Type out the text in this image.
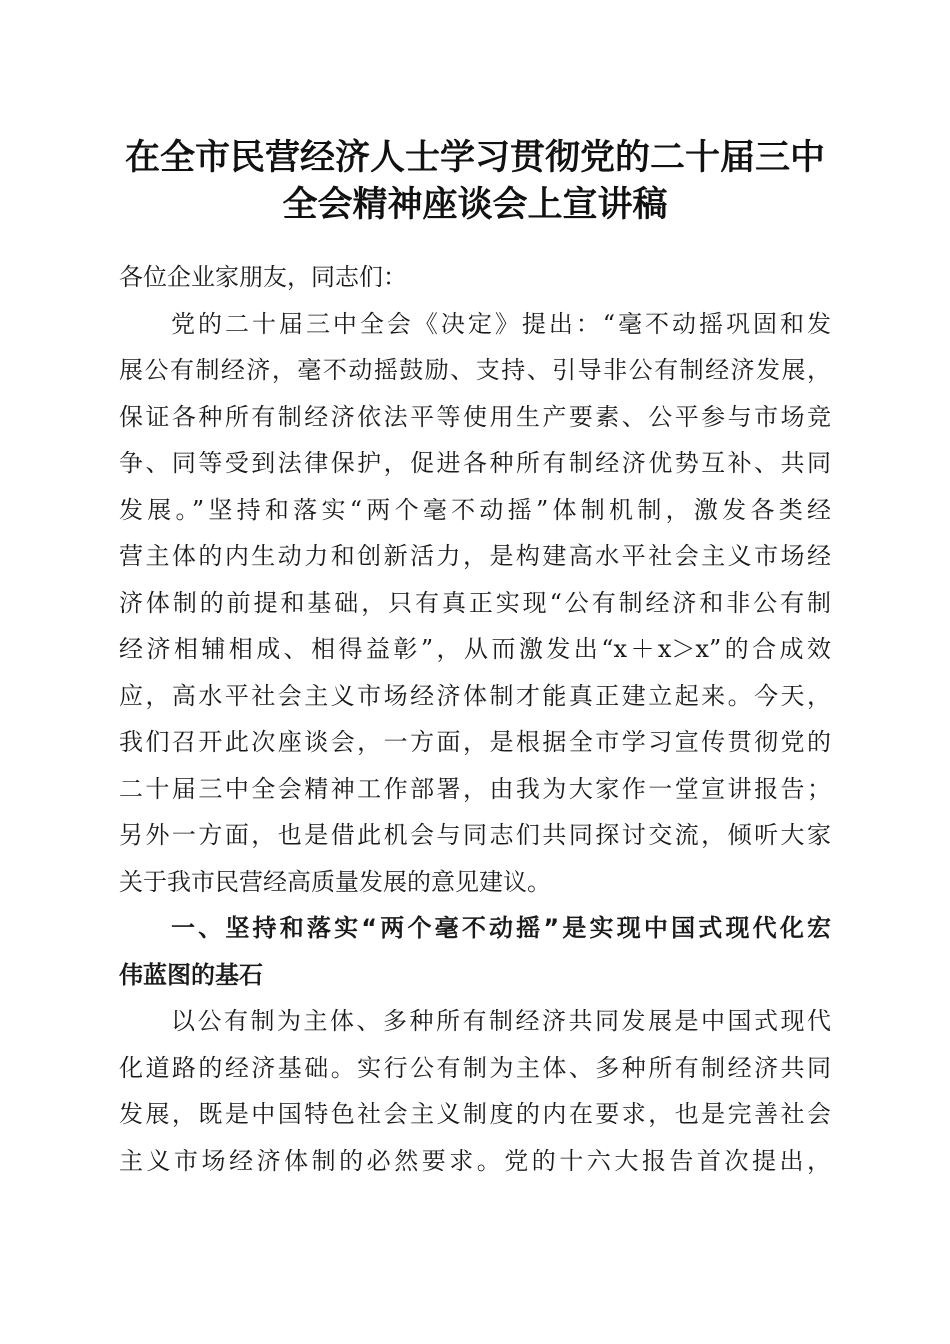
在全市民营经济人士学习贯彻党的二十届三中
全会精神座谈会上宣讲稿
各位企业家朋友，同志们：
党的二十届三中全会《决定》提出：“毫不动摇巩固和发
展公有制经济，毫不动摇鼓励、支持、引导非公有制经济发展，
保证各种所有制经济依法平等使用生产要素、公平参与市场竞
争、同等受到法律保护，促进各种所有制经济优势互补、共同
发展。”坚持和落实“两个毫不动摇”体制机制，激发各类经
营主体的内生动力和创新活力，是构建高水平社会主义市场经
济体制的前提和基础，只有真正实现“公有制经济和非公有制
经济相辅相成、相得益彰”，从而激发出“x＋x＞x”的合成效
应，高水平社会主义市场经济体制才能真正建立起来。今天，
我们召开此次座谈会，一方面，是根据全市学习宣传贯彻党的
二十届三中全会精神工作部署，由我为大家作一堂宣讲报告；
另外一方面，也是借此机会与同志们共同探讨交流，倾听大家
关于我市民营经高质量发展的意见建议。
一、坚持和落实“两个毫不动摇”是实现中国式现代化宏
伟蓝图的基石
以公有制为主体、多种所有制经济共同发展是中国式现代
化道路的经济基础。实行公有制为主体、多种所有制经济共同
发展，既是中国特色社会主义制度的内在要求，也是完善社会
主义市场经济体制的必然要求。党的十六大报告首次提出，
